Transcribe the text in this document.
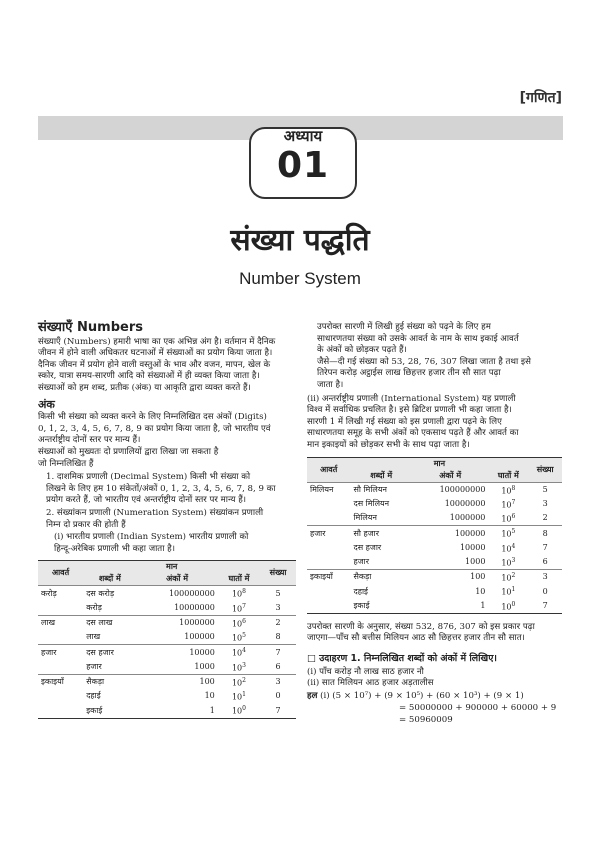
[गणित]
अध्याय
01
संख्या पद्धति
Number System
संख्याएँ Numbers

संख्याएँ (Numbers) हमारी भाषा का एक अभिन्न अंग है। वर्तमान में दैनिक

जीवन में होने वाली अधिकतर घटनाओं में संख्याओं का प्रयोग किया जाता है।

दैनिक जीवन में प्रयोग होने वाली वस्तुओं के भाव और वजन, मापन, खेल के

स्कोर, यात्रा समय-सारणी आदि को संख्याओं में ही व्यक्त किया जाता है।

संख्याओं को हम शब्द, प्रतीक (अंक) या आकृति द्वारा व्यक्त करते हैं।

अंक

किसी भी संख्या को व्यक्त करने के लिए निम्नलिखित दस अंकों (Digits)

0, 1, 2, 3, 4, 5, 6, 7, 8, 9 का प्रयोग किया जाता है, जो भारतीय एवं

अन्तर्राष्ट्रीय दोनों स्तर पर मान्य हैं।

संख्याओं को मुख्यतः दो प्रणालियों द्वारा लिखा जा सकता है

जो निम्नलिखित हैं

1. दाशमिक प्रणाली (Decimal System) किसी भी संख्या को

लिखने के लिए हम 10 संकेतों/अंकों 0, 1, 2, 3, 4, 5, 6, 7, 8, 9 का

प्रयोग करते हैं, जो भारतीय एवं अन्तर्राष्ट्रीय दोनों स्तर पर मान्य हैं।

2. संख्यांकन प्रणाली (Numeration System) संख्यांकन प्रणाली

निम्न दो प्रकार की होती हैं

(i) भारतीय प्रणाली (Indian System) भारतीय प्रणाली को

हिन्दू-अरेबिक प्रणाली भी कहा जाता है।

आवर्त	मान			संख्या
	शब्दों में	अंकों में	घातों में	
करोड़	दस करोड़	100000000	$10^8$	5
	करोड़	10000000	$10^7$	3
लाख	दस लाख	1000000	$10^6$	2
	लाख	100000	$10^5$	8
हजार	दस हजार	10000	$10^4$	7
	हजार	1000	$10^3$	6
इकाइयाँ	सैकड़ा	100	$10^2$	3
	दहाई	10	$10^1$	0
	इकाई	1	$10^0$	7

उपरोक्त सारणी में लिखी हुई संख्या को पढ़ने के लिए हम

साधारणतया संख्या को उसके आवर्त के नाम के साथ इकाई आवर्त

के अंकों को छोड़कर पढ़ते हैं।

जैसे—दी गई संख्या को 53, 28, 76, 307 लिखा जाता है तथा इसे

तिरेपन करोड़ अट्ठाईस लाख छिहत्तर हजार तीन सौ सात पढ़ा

जाता है।

(ii) अन्तर्राष्ट्रीय प्रणाली (International System) यह प्रणाली

विश्व में सर्वाधिक प्रचलित है। इसे ब्रिटिश प्रणाली भी कहा जाता है।

सारणी 1 में लिखी गई संख्या को इस प्रणाली द्वारा पढ़ने के लिए

साधारणतया समूह के सभी अंकों को एकसाथ पढ़ते हैं और आवर्त का

मान इकाइयों को छोड़कर सभी के साथ पढ़ा जाता है।

आवर्त	मान			संख्या
	शब्दों में	अंकों में	घातों में	
मिलियन	सौ मिलियन	100000000	$10^8$	5
	दस मिलियन	10000000	$10^7$	3
	मिलियन	1000000	$10^6$	2
हजार	सौ हजार	100000	$10^5$	8
	दस हजार	10000	$10^4$	7
	हजार	1000	$10^3$	6
इकाइयाँ	सैकड़ा	100	$10^2$	3
	दहाई	10	$10^1$	0
	इकाई	1	$10^0$	7

उपरोक्त सारणी के अनुसार, संख्या 532, 876, 307 को इस प्रकार पढ़ा

जाएगा—पाँच सौ बत्तीस मिलियन आठ सौ छिहत्तर हजार तीन सौ सात।

□ उदाहरण 1. निम्नलिखित शब्दों को अंकों में लिखिए।

(i) पाँच करोड़ नौ लाख साठ हजार नौ

(ii) सात मिलियन आठ हजार अड़तालीस

हल (i) (5 × 10⁷) + (9 × 10⁵) + (60 × 10³) + (9 × 1)
= 50000000 + 900000 + 60000 + 9
= 50960009
